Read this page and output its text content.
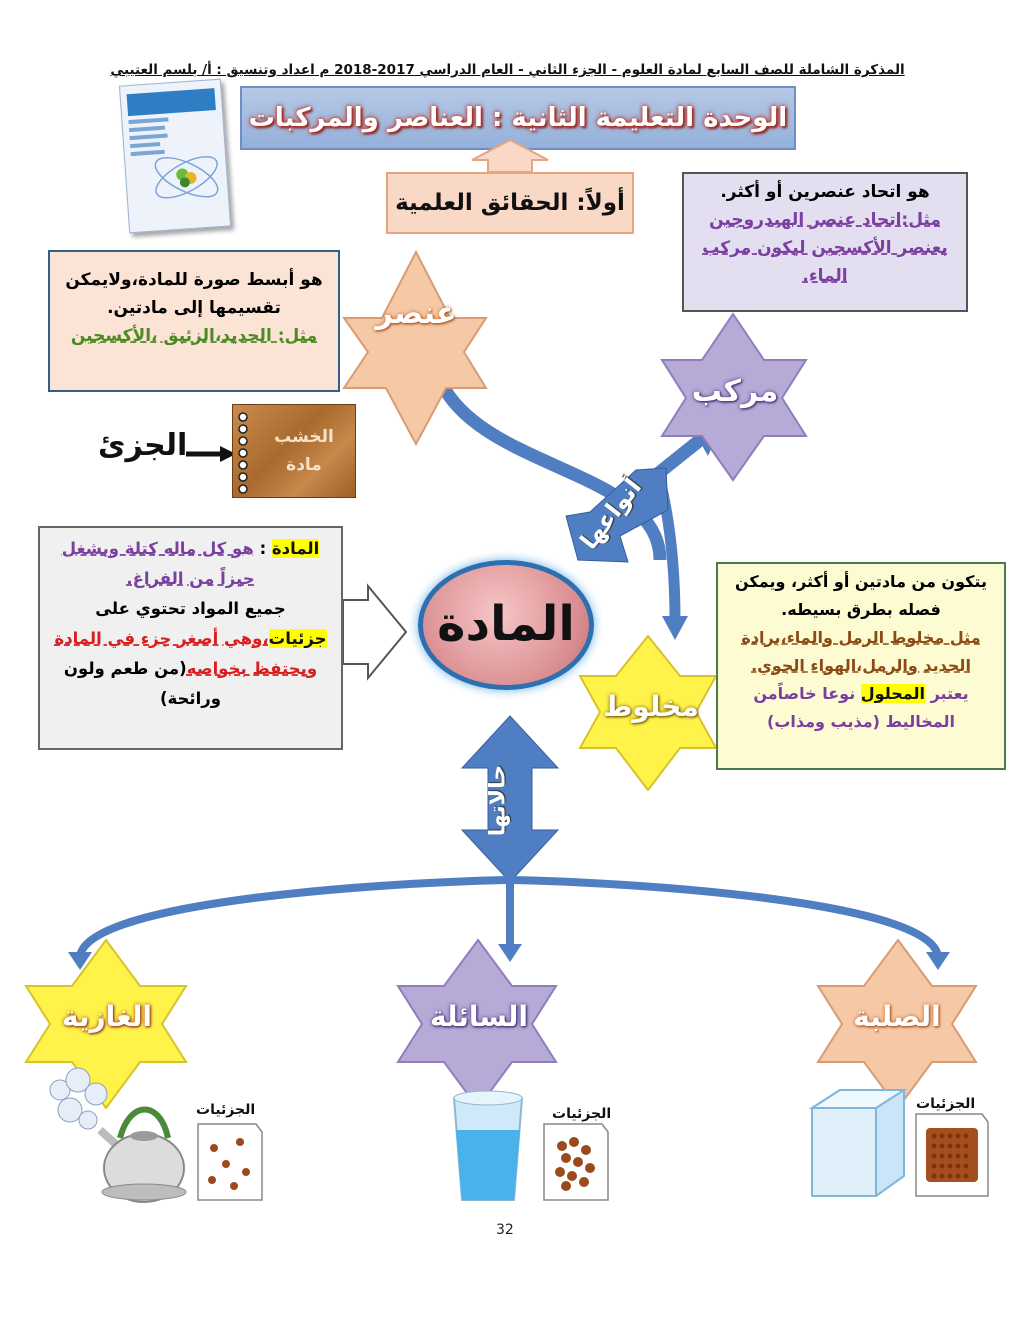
المذكرة الشاملة للصف السابع لمادة العلوم - الجزء الثاني - العام الدراسي 2017-2018 م اعداد وتنسيق : أ/ بلسم العتيبي
الوحدة التعليمة الثانية : العناصر والمركبات
أولاً: الحقائق العلمية
هو أبسط صورة للمادة،ولايمكن تقسيمها إلى مادتين.
مثل: الحديد،الزئبق ،الأكسجين
هو اتحاد عنصرين أو أكثر.
مثل:اتحاد عنصر الهيدروجين بعنصر الأكسجين ليكون مركب الماء.
عنصر
مركب
مخلوط
الغازية	السائلة	الصلبة
أنواعها
حالاتها
المادة
المادة : هو كل ماله كتلة ويشغل حيزاً من الفراغ.
جميع المواد تحتوي على
جزئيات،وهي أصغر جزء في المادة ويحتفظ بخواصه(من طعم ولون ورائحة)
يتكون من مادتين أو أكثر، ويمكن فصله بطرق بسيطه.
مثل مخلوط الرمل والماء،برادة الحديد والرمل،الهواء الجوي.
يعتبر المحلول نوعا خاصاًمن المخاليط (مذيب ومذاب)
الخشب
مادة
الجزئ
الجزئيات	الجزئيات
الجزئيات
32
